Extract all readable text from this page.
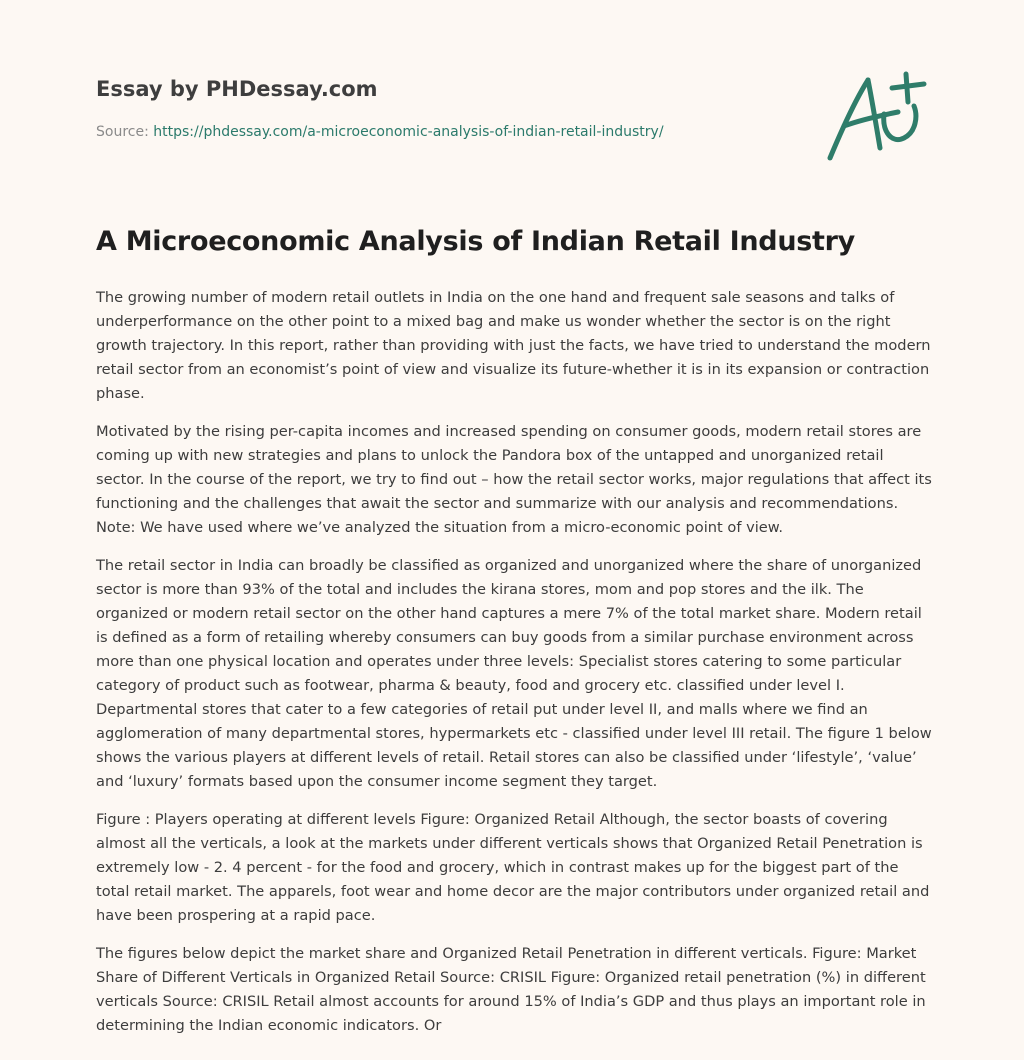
Essay by PHDessay.com

Source: https://phdessay.com/a-microeconomic-analysis-of-indian-retail-industry/

A Microeconomic Analysis of Indian Retail Industry

The growing number of modern retail outlets in India on the one hand and frequent sale seasons and talks of underperformance on the other point to a mixed bag and make us wonder whether the sector is on the right growth trajectory. In this report, rather than providing with just the facts, we have tried to understand the modern retail sector from an economist’s point of view and visualize its future-whether it is in its expansion or contraction phase.

Motivated by the rising per-capita incomes and increased spending on consumer goods, modern retail stores are coming up with new strategies and plans to unlock the Pandora box of the untapped and unorganized retail sector. In the course of the report, we try to find out – how the retail sector works, major regulations that affect its functioning and the challenges that await the sector and summarize with our analysis and recommendations. Note: We have used where we’ve analyzed the situation from a micro-economic point of view.

The retail sector in India can broadly be classified as organized and unorganized where the share of unorganized sector is more than 93% of the total and includes the kirana stores, mom and pop stores and the ilk. The organized or modern retail sector on the other hand captures a mere 7% of the total market share. Modern retail is defined as a form of retailing whereby consumers can buy goods from a similar purchase environment across more than one physical location and operates under three levels: Specialist stores catering to some particular category of product such as footwear, pharma & beauty, food and grocery etc. classified under level I. Departmental stores that cater to a few categories of retail put under level II, and malls where we find an agglomeration of many departmental stores, hypermarkets etc - classified under level III retail. The figure 1 below shows the various players at different levels of retail. Retail stores can also be classified under ‘lifestyle’, ‘value’ and ‘luxury’ formats based upon the consumer income segment they target.

Figure : Players operating at different levels Figure: Organized Retail Although, the sector boasts of covering almost all the verticals, a look at the markets under different verticals shows that Organized Retail Penetration is extremely low - 2. 4 percent - for the food and grocery, which in contrast makes up for the biggest part of the total retail market. The apparels, foot wear and home decor are the major contributors under organized retail and have been prospering at a rapid pace.

The figures below depict the market share and Organized Retail Penetration in different verticals. Figure: Market Share of Different Verticals in Organized Retail Source: CRISIL Figure: Organized retail penetration (%) in different verticals Source: CRISIL Retail almost accounts for around 15% of India’s GDP and thus plays an important role in determining the Indian economic indicators. Or
